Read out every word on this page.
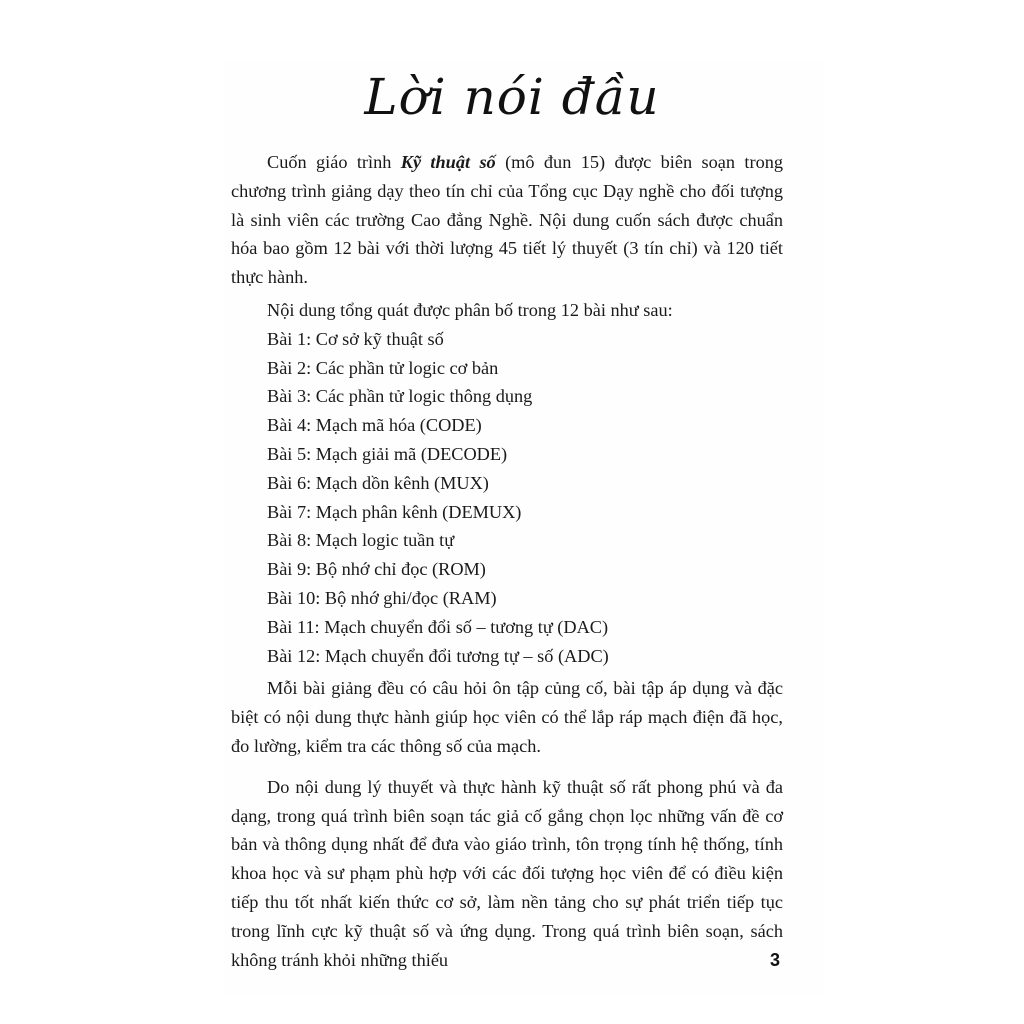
Lời nói đầu

Cuốn giáo trình Kỹ thuật số (mô đun 15) được biên soạn trong chương trình giảng dạy theo tín chỉ của Tổng cục Dạy nghề cho đối tượng là sinh viên các trường Cao đẳng Nghề. Nội dung cuốn sách được chuẩn hóa bao gồm 12 bài với thời lượng 45 tiết lý thuyết (3 tín chỉ) và 120 tiết thực hành.

Nội dung tổng quát được phân bố trong 12 bài như sau:

Bài 1: Cơ sở kỹ thuật số

Bài 2: Các phần tử logic cơ bản

Bài 3: Các phần tử logic thông dụng

Bài 4: Mạch mã hóa (CODE)

Bài 5: Mạch giải mã (DECODE)

Bài 6: Mạch dồn kênh (MUX)

Bài 7: Mạch phân kênh (DEMUX)

Bài 8: Mạch logic tuần tự

Bài 9: Bộ nhớ chỉ đọc (ROM)

Bài 10: Bộ nhớ ghi/đọc (RAM)

Bài 11: Mạch chuyển đổi số – tương tự (DAC)

Bài 12: Mạch chuyển đổi tương tự – số (ADC)

Mỗi bài giảng đều có câu hỏi ôn tập củng cố, bài tập áp dụng và đặc biệt có nội dung thực hành giúp học viên có thể lắp ráp mạch điện đã học, đo lường, kiểm tra các thông số của mạch.

Do nội dung lý thuyết và thực hành kỹ thuật số rất phong phú và đa dạng, trong quá trình biên soạn tác giả cố gắng chọn lọc những vấn đề cơ bản và thông dụng nhất để đưa vào giáo trình, tôn trọng tính hệ thống, tính khoa học và sư phạm phù hợp với các đối tượng học viên để có điều kiện tiếp thu tốt nhất kiến thức cơ sở, làm nền tảng cho sự phát triển tiếp tục trong lĩnh cực kỹ thuật số và ứng dụng. Trong quá trình biên soạn, sách không tránh khỏi những thiếu	3
